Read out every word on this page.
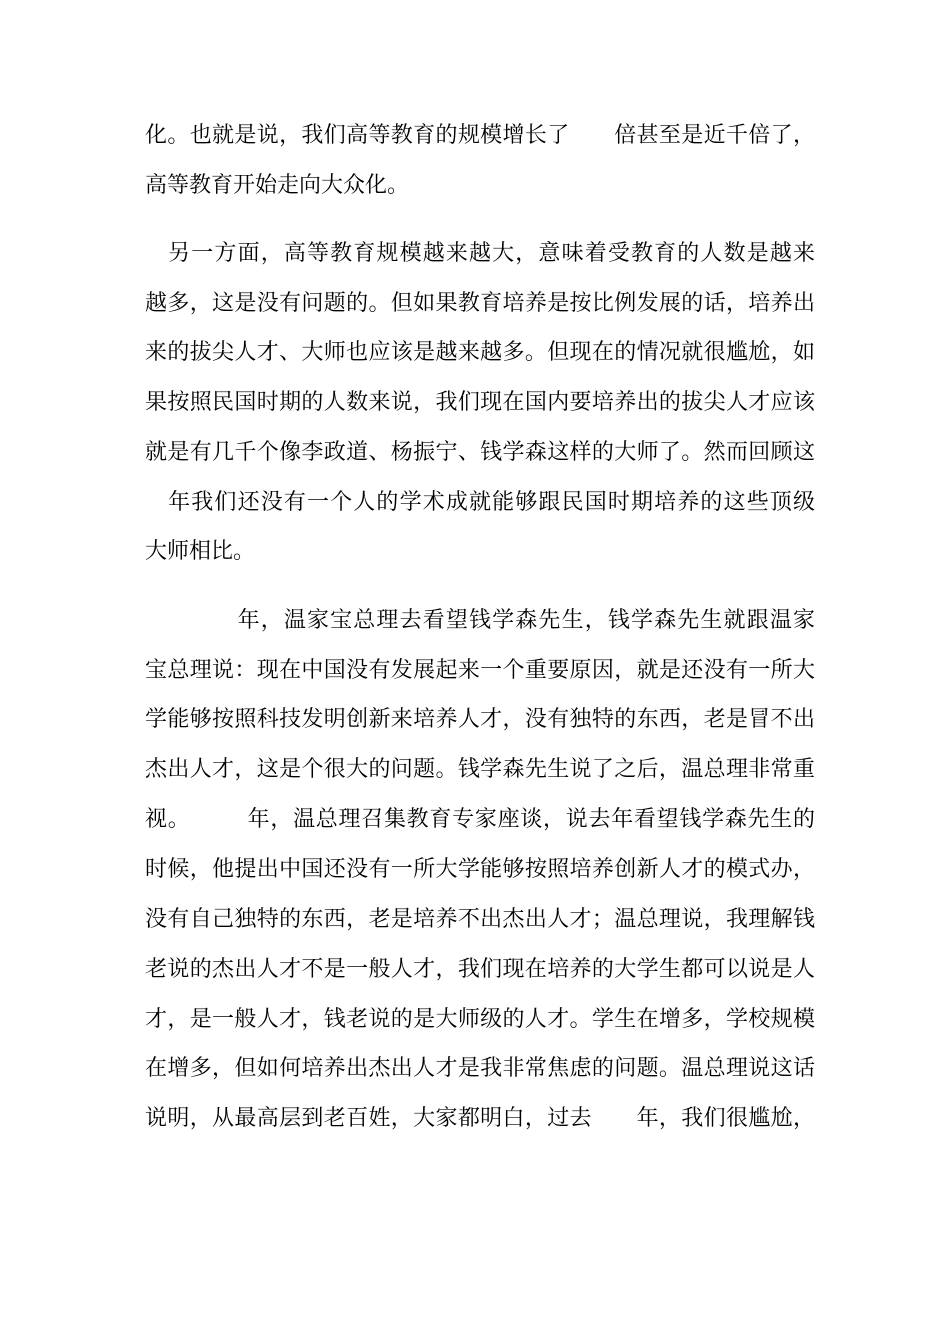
化。也就是说，我们高等教育的规模增长了　　倍甚至是近千倍了，
高等教育开始走向大众化。
　另一方面，高等教育规模越来越大，意味着受教育的人数是越来
越多，这是没有问题的。但如果教育培养是按比例发展的话，培养出
来的拔尖人才、大师也应该是越来越多。但现在的情况就很尴尬，如
果按照民国时期的人数来说，我们现在国内要培养出的拔尖人才应该
就是有几千个像李政道、杨振宁、钱学森这样的大师了。然而回顾这
　年我们还没有一个人的学术成就能够跟民国时期培养的这些顶级
大师相比。
　　　　年，温家宝总理去看望钱学森先生，钱学森先生就跟温家
宝总理说：现在中国没有发展起来一个重要原因，就是还没有一所大
学能够按照科技发明创新来培养人才，没有独特的东西，老是冒不出
杰出人才，这是个很大的问题。钱学森先生说了之后，温总理非常重
视。　　　年，温总理召集教育专家座谈，说去年看望钱学森先生的
时候，他提出中国还没有一所大学能够按照培养创新人才的模式办，
没有自己独特的东西，老是培养不出杰出人才；温总理说，我理解钱
老说的杰出人才不是一般人才，我们现在培养的大学生都可以说是人
才，是一般人才，钱老说的是大师级的人才。学生在增多，学校规模
在增多，但如何培养出杰出人才是我非常焦虑的问题。温总理说这话
说明，从最高层到老百姓，大家都明白，过去　　年，我们很尴尬，
